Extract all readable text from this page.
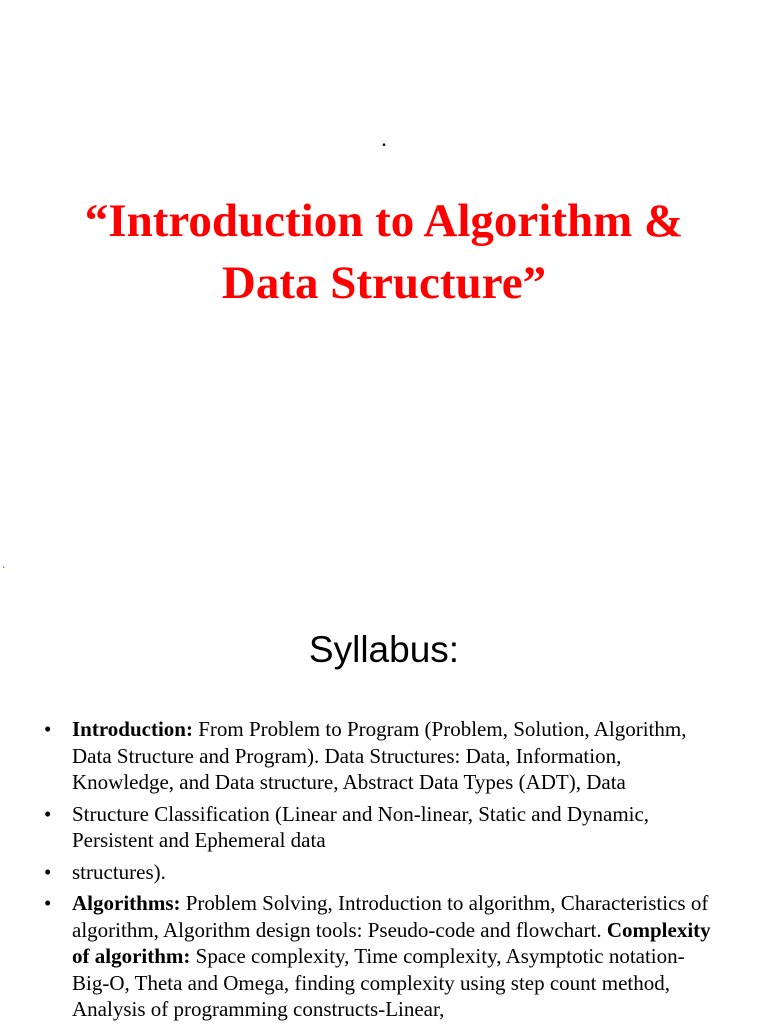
.
“Introduction to Algorithm &
Data Structure”
.
Syllabus:
• Introduction: From Problem to Program (Problem, Solution, Algorithm, Data Structure and Program). Data Structures: Data, Information, Knowledge, and Data structure, Abstract Data Types (ADT), Data
• Structure Classification (Linear and Non-linear, Static and Dynamic, Persistent and Ephemeral data
• structures).
• Algorithms: Problem Solving, Introduction to algorithm, Characteristics of algorithm, Algorithm design tools: Pseudo-code and flowchart. Complexity of algorithm: Space complexity, Time complexity, Asymptotic notation- Big-O, Theta and Omega, finding complexity using step count method, Analysis of programming constructs-Linear,
